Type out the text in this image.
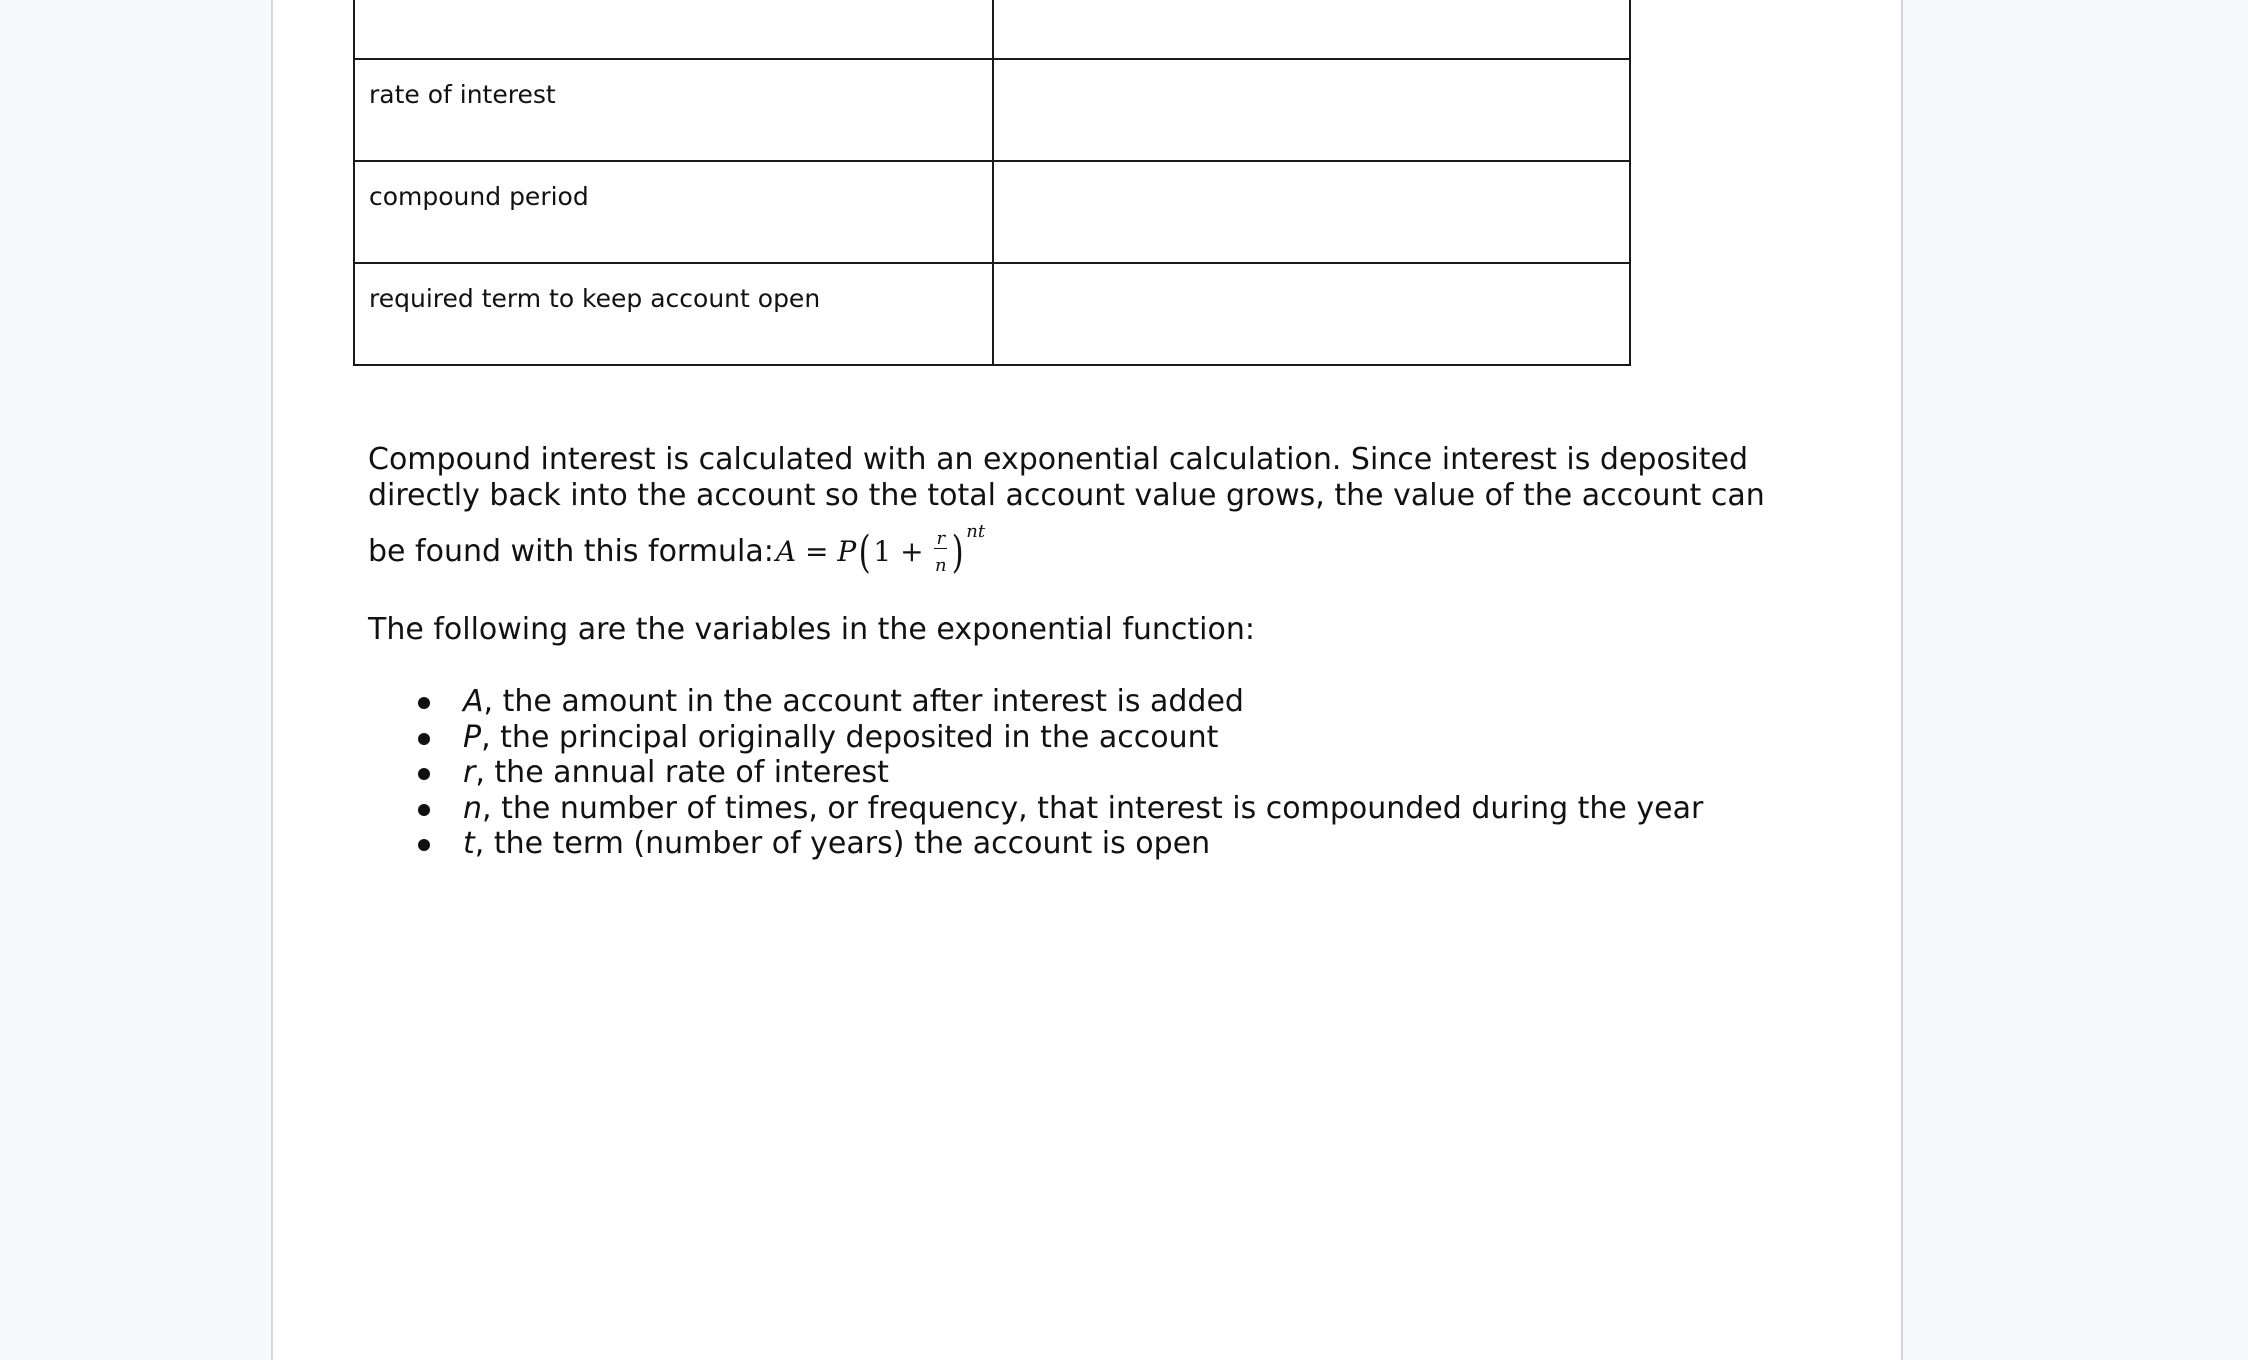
rate of interest	

compound period	

required term to keep account open	

Compound interest is calculated with an exponential calculation. Since interest is deposited directly back into the account so the total account value grows, the value of the account can be found with this formula:A = $P(1 + \frac{r}{n}$ ) $^{nt}$
The following are the variables in the exponential function:
A, the amount in the account after interest is added
P, the principal originally deposited in the account
r, the annual rate of interest
n, the number of times, or frequency, that interest is compounded during the year
t, the term (number of years) the account is open
